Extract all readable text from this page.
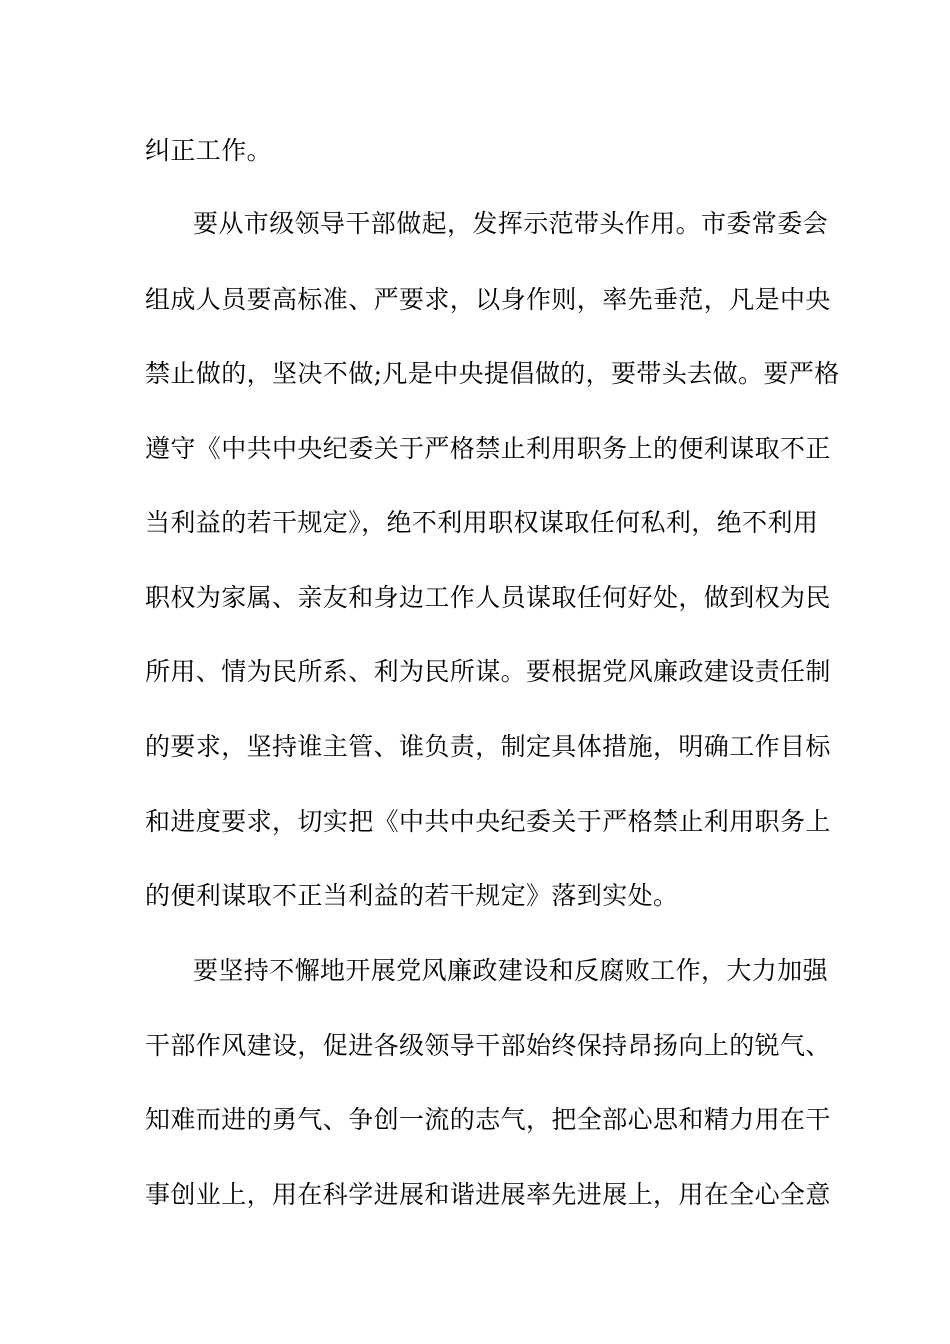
纠正工作。
要从市级领导干部做起，发挥示范带头作用。市委常委会
组成人员要高标准、严要求，以身作则，率先垂范，凡是中央
禁止做的，坚决不做;凡是中央提倡做的，要带头去做。要严格
遵守《中共中央纪委关于严格禁止利用职务上的便利谋取不正
当利益的若干规定》，绝不利用职权谋取任何私利，绝不利用
职权为家属、亲友和身边工作人员谋取任何好处，做到权为民
所用、情为民所系、利为民所谋。要根据党风廉政建设责任制
的要求，坚持谁主管、谁负责，制定具体措施，明确工作目标
和进度要求，切实把《中共中央纪委关于严格禁止利用职务上
的便利谋取不正当利益的若干规定》落到实处。
要坚持不懈地开展党风廉政建设和反腐败工作，大力加强
干部作风建设，促进各级领导干部始终保持昂扬向上的锐气、
知难而进的勇气、争创一流的志气，把全部心思和精力用在干
事创业上，用在科学进展和谐进展率先进展上，用在全心全意
